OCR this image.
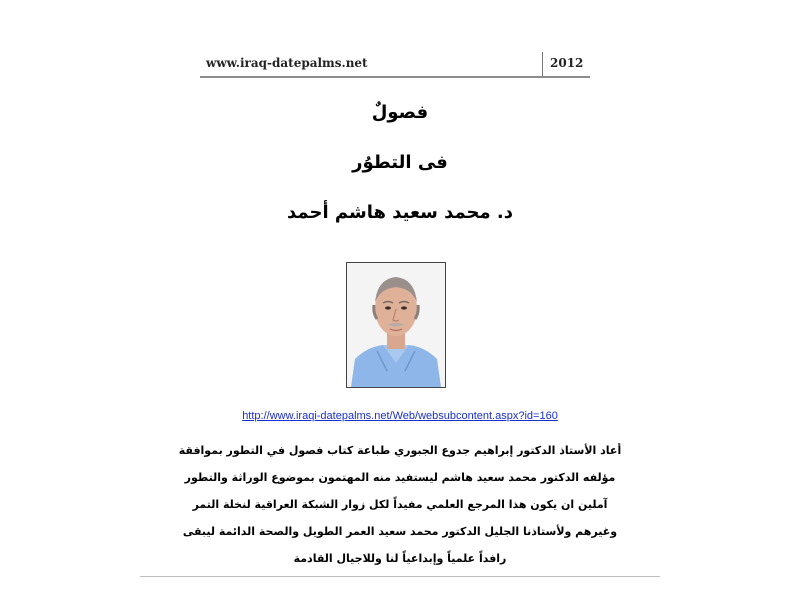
www.iraq-datepalms.net	2012
فصولٌ
فى التطوُر
د. محمد سعيد هاشم أحمد
http://www.iraqi-datepalms.net/Web/websubcontent.aspx?id=160
أعاد الأستاذ الدكتور إبراهيم جدوع الجبوري طباعة كتاب فصول في التطور بموافقة
مؤلفه الدكتور محمد سعيد هاشم ليستفيد منه المهتمون بموضوع الوراثة والتطور
آملين ان يكون هذا المرجع العلمي مفيداً لكل زوار الشبكة العراقية لنخلة التمر
وغيرهم ولأستاذنا الجليل الدكتور محمد سعيد العمر الطويل والصحة الدائمة ليبقى
رافداً علمياً وإبداعياً لنا وللاجيال القادمة
